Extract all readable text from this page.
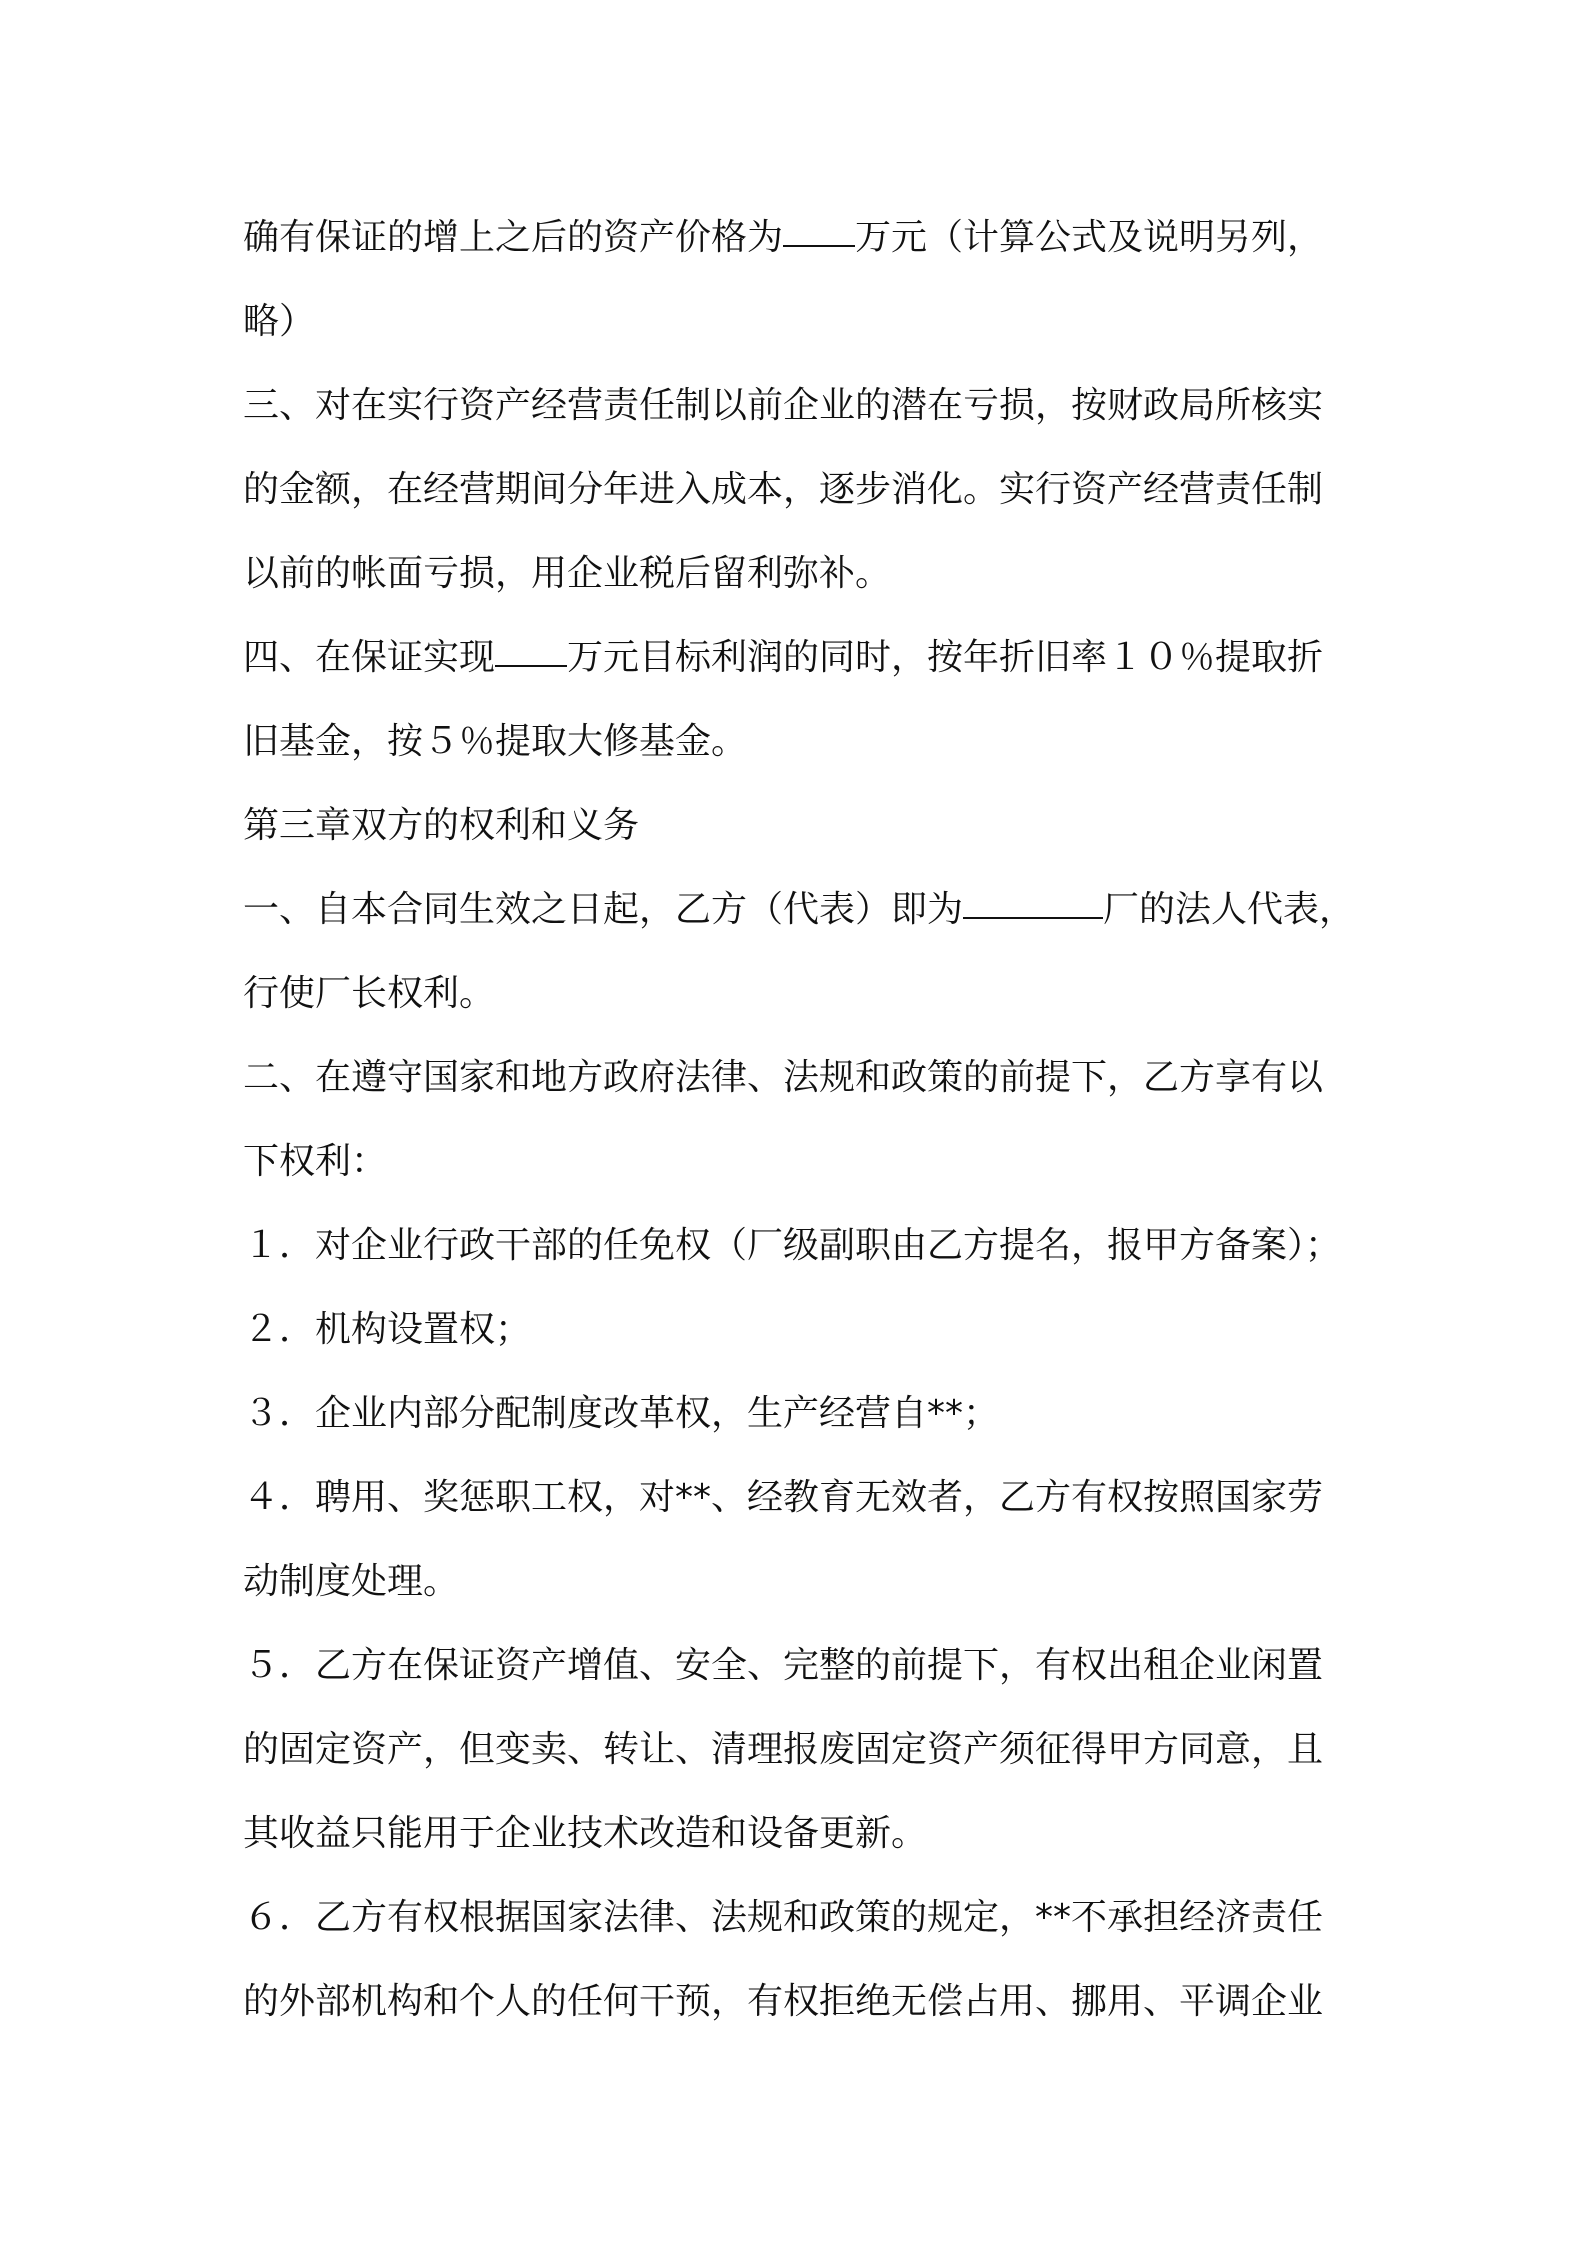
确有保证的增上之后的资产价格为 万元（计算公式及说明另列，
略）
三、对在实行资产经营责任制以前企业的潜在亏损，按财政局所核实
的金额，在经营期间分年进入成本，逐步消化。实行资产经营责任制
以前的帐面亏损，用企业税后留利弥补。
四、在保证实现 万元目标利润的同时，按年折旧率１０％提取折
旧基金，按５％提取大修基金。
第三章双方的权利和义务
一、自本合同生效之日起，乙方（代表）即为	厂的法人代表，
行使厂长权利。
二、在遵守国家和地方政府法律、法规和政策的前提下，乙方享有以
下权利：
１．对企业行政干部的任免权（厂级副职由乙方提名，报甲方备案）；
２．机构设置权；
３．企业内部分配制度改革权，生产经营自**；
４．聘用、奖惩职工权，对**、经教育无效者，乙方有权按照国家劳
动制度处理。
５．乙方在保证资产增值、安全、完整的前提下，有权出租企业闲置
的固定资产，但变卖、转让、清理报废固定资产须征得甲方同意，且
其收益只能用于企业技术改造和设备更新。
６．乙方有权根据国家法律、法规和政策的规定，**不承担经济责任
的外部机构和个人的任何干预，有权拒绝无偿占用、挪用、平调企业
